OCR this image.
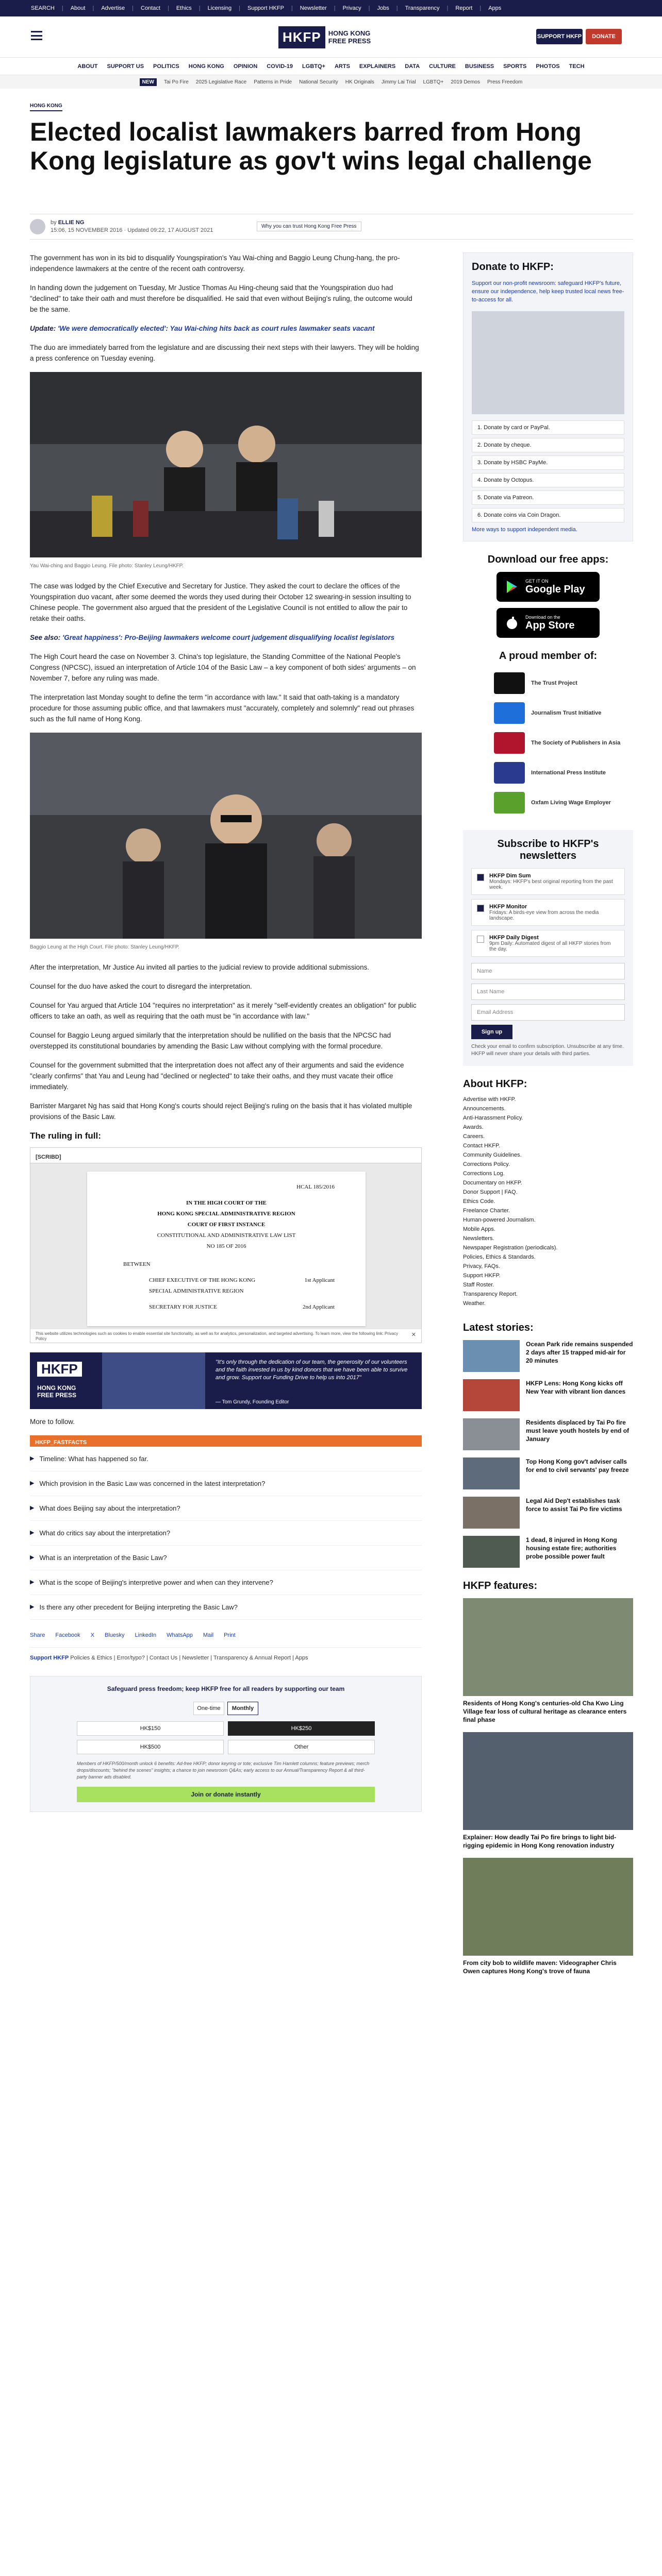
SEARCH | About | Advertise | Contact | Ethics | Licensing | Support HKFP | Newsletter | Privacy | Jobs | Transparency | Report | Apps
HKFP	HONG KONG
FREE PRESS
SUPPORT HKFP	DONATE
ABOUT SUPPORT US POLITICS HONG KONG OPINION COVID-19 LGBTQ+ ARTS EXPLAINERS DATA CULTURE BUSINESS SPORTS PHOTOS TECH
NEW	Tai Po Fire 2025 Legislative Race Patterns in Pride National Security HK Originals Jimmy Lai Trial LGBTQ+ 2019 Demos Press Freedom
HONG KONG
Elected localist lawmakers barred from Hong Kong legislature as gov't wins legal challenge
by ELLIE NG
15:06, 15 NOVEMBER 2016 · Updated 09:22, 17 AUGUST 2021
Why you can trust Hong Kong Free Press

The government has won in its bid to disqualify Youngspiration's Yau Wai-ching and Baggio Leung Chung-hang, the pro-independence lawmakers at the centre of the recent oath controversy.

In handing down the judgement on Tuesday, Mr Justice Thomas Au Hing-cheung said that the Youngspiration duo had "declined" to take their oath and must therefore be disqualified. He said that even without Beijing's ruling, the outcome would be the same.

Update: 'We were democratically elected': Yau Wai-ching hits back as court rules lawmaker seats vacant

The duo are immediately barred from the legislature and are discussing their next steps with their lawyers. They will be holding a press conference on Tuesday evening.

Yau Wai-ching and Baggio Leung. File photo: Stanley Leung/HKFP.

The case was lodged by the Chief Executive and Secretary for Justice. They asked the court to declare the offices of the Youngspiration duo vacant, after some deemed the words they used during their October 12 swearing-in session insulting to Chinese people. The government also argued that the president of the Legislative Council is not entitled to allow the pair to retake their oaths.

See also: 'Great happiness': Pro-Beijing lawmakers welcome court judgement disqualifying localist legislators

The High Court heard the case on November 3. China's top legislature, the Standing Committee of the National People's Congress (NPCSC), issued an interpretation of Article 104 of the Basic Law – a key component of both sides' arguments – on November 7, before any ruling was made.

The interpretation last Monday sought to define the term "in accordance with law." It said that oath-taking is a mandatory procedure for those assuming public office, and that lawmakers must "accurately, completely and solemnly" read out phrases such as the full name of Hong Kong.

Baggio Leung at the High Court. File photo: Stanley Leung/HKFP.

After the interpretation, Mr Justice Au invited all parties to the judicial review to provide additional submissions.

Counsel for the duo have asked the court to disregard the interpretation.

Counsel for Yau argued that Article 104 "requires no interpretation" as it merely "self-evidently creates an obligation" for public officers to take an oath, as well as requiring that the oath must be "in accordance with law."

Counsel for Baggio Leung argued similarly that the interpretation should be nullified on the basis that the NPCSC had overstepped its constitutional boundaries by amending the Basic Law without complying with the formal procedure.

Counsel for the government submitted that the interpretation does not affect any of their arguments and said the evidence "clearly confirms" that Yau and Leung had "declined or neglected" to take their oaths, and they must vacate their office immediately.

Barrister Margaret Ng has said that Hong Kong's courts should reject Beijing's ruling on the basis that it has violated multiple provisions of the Basic Law.

The ruling in full:
[SCRIBD]
HCAL 185/2016
IN THE HIGH COURT OF THE
HONG KONG SPECIAL ADMINISTRATIVE REGION
COURT OF FIRST INSTANCE
CONSTITUTIONAL AND ADMINISTRATIVE LAW LIST
NO 185 OF 2016
BETWEEN
CHIEF EXECUTIVE OF THE HONG KONG SPECIAL ADMINISTRATIVE REGION
1st Applicant
SECRETARY FOR JUSTICE	2nd Applicant
This website utilizes technologies such as cookies to enable essential site functionality, as well as for analytics, personalization, and targeted advertising. To learn more, view the following link: Privacy Policy
✕
HKFP
HONG KONG
FREE PRESS
"It's only through the dedication of our team, the generosity of our volunteers and the faith invested in us by kind donors that we have been able to survive and grow. Support our Funding Drive to help us into 2017"
— Tom Grundy, Founding Editor

More to follow.

HKFP_FASTFACTS
▶ Timeline: What has happened so far.
▶ Which provision in the Basic Law was concerned in the latest interpretation?
▶ What does Beijing say about the interpretation?
▶ What do critics say about the interpretation?
▶ What is an interpretation of the Basic Law?
▶ What is the scope of Beijing's interpretive power and when can they intervene?
▶ Is there any other precedent for Beijing interpreting the Basic Law?
Share Facebook X Bluesky LinkedIn WhatsApp Mail Print
Support HKFP Policies & Ethics | Error/typo? | Contact Us | Newsletter | Transparency & Annual Report | Apps
Safeguard press freedom; keep HKFP free for all readers by supporting our team
One-time	Monthly
HK$150	HK$250
HK$500	Other
Members of HKFP/500/month unlock 6 benefits: Ad-free HKFP; donor keyring or tote; exclusive Tim Hamlett columns; feature previews; merch drops/discounts; "behind the scenes" insights; a chance to join newsroom Q&As; early access to our Annual/Transparency Report & all third-party banner ads disabled.
Join or donate instantly
Donate to HKFP:
Support our non-profit newsroom: safeguard HKFP's future, ensure our independence, help keep trusted local news free-to-access for all.
1. Donate by card or PayPal.
2. Donate by cheque.
3. Donate by HSBC PayMe.
4. Donate by Octopus.
5. Donate via Patreon.
6. Donate coins via Coin Dragon.
More ways to support independent media.
Download our free apps:
GET IT ON
Google Play
Download on the
App Store
A proud member of:
The Trust Project
Journalism Trust Initiative
The Society of Publishers in Asia
International Press Institute
Oxfam Living Wage Employer
Subscribe to HKFP's newsletters
HKFP Dim Sum
Mondays: HKFP's best original reporting from the past week.
HKFP Monitor
Fridays: A birds-eye view from across the media landscape.
HKFP Daily Digest
9pm Daily: Automated digest of all HKFP stories from the day.
Name
Last Name
Email Address
Sign up
Check your email to confirm subscription. Unsubscribe at any time. HKFP will never share your details with third parties.
About HKFP:
Advertise with HKFP.
Announcements.
Anti-Harassment Policy.
Awards.
Careers.
Contact HKFP.
Community Guidelines.
Corrections Policy.
Corrections Log.
Documentary on HKFP.
Donor Support | FAQ.
Ethics Code.
Freelance Charter.
Human-powered Journalism.
Mobile Apps.
Newsletters.
Newspaper Registration (periodicals).
Policies, Ethics & Standards.
Privacy, FAQs.
Support HKFP.
Staff Roster.
Transparency Report.
Weather.
Latest stories:
Ocean Park ride remains suspended 2 days after 15 trapped mid-air for 20 minutes
HKFP Lens: Hong Kong kicks off New Year with vibrant lion dances
Residents displaced by Tai Po fire must leave youth hostels by end of January
Top Hong Kong gov't adviser calls for end to civil servants' pay freeze
Legal Aid Dep't establishes task force to assist Tai Po fire victims
1 dead, 8 injured in Hong Kong housing estate fire; authorities probe possible power fault
HKFP features:
Residents of Hong Kong's centuries-old Cha Kwo Ling Village fear loss of cultural heritage as clearance enters final phase
Explainer: How deadly Tai Po fire brings to light bid-rigging epidemic in Hong Kong renovation industry
From city bob to wildlife maven: Videographer Chris Owen captures Hong Kong's trove of fauna
